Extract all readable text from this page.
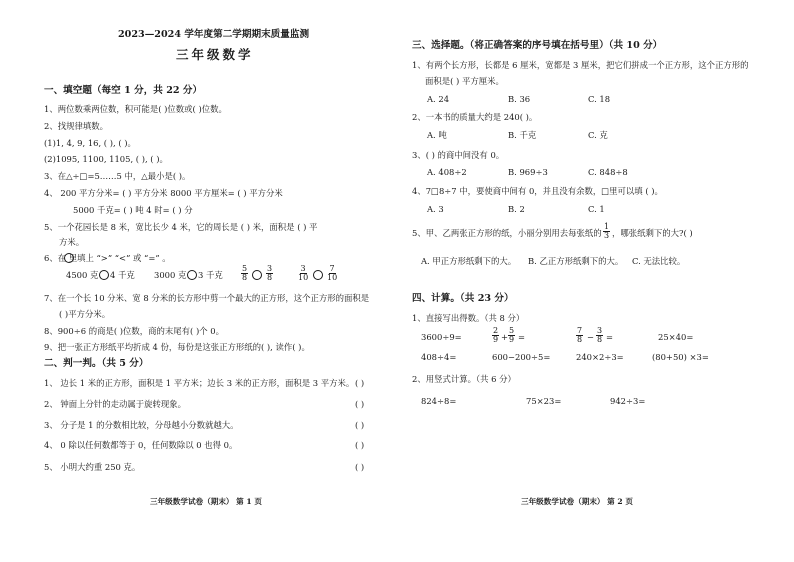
2023—2024 学年度第二学期期末质量监测
三年级数学
一、填空题（每空 1 分，共 22 分）
1、两位数乘两位数，积可能是( )位数或( )位数。
2、找规律填数。
(1)1, 4, 9, 16, ( ), ( )。
(2)1095, 1100, 1105, ( ), ( )。
3、在△÷□=5……5 中，△最小是( )。
4、 200 平方分米= ( ) 平方分米 8000 平方厘米= ( ) 平方分米
5000 千克= ( ) 吨 4 时= ( ) 分
5、一个花园长是 8 米，宽比长少 4 米，它的周长是 ( ) 米，面积是 ( ) 平
方米。
6、在 里填上 “>” “<” 或 “=” 。
4500 克 4 千克 3000 克 3 千克 $\frac{5}{8} \frac{3}{8}$	$\frac{3}{10} \frac{7}{10}$
7、在一个长 10 分米、宽 8 分米的长方形中剪一个最大的正方形，这个正方形的面积是
( )平方分米。
8、900÷6 的商是( )位数，商的末尾有( )个 0。
9、把一张正方形纸平均折成 4 份，每份是这张正方形纸的( ), 读作( )。
二、判一判。（共 5 分）
1、 边长 1 米的正方形，面积是 1 平方米；边长 3 米的正方形，面积是 3 平方米。 ( )
2、 钟面上分针的走动属于旋转现象。	( )
3、 分子是 1 的分数相比较，分母越小分数就越大。	( )
4、 0 除以任何数都等于 0，任何数除以 0 也得 0。	( )
5、 小明大约重 250 克。	( )
三年级数学试卷（期末） 第 1 页
三、选择题。（将正确答案的序号填在括号里）（共 10 分）
1、有两个长方形，长都是 6 厘米，宽都是 3 厘米，把它们拼成一个正方形，这个正方形的
面积是( ) 平方厘米。
A. 24	B. 36	C. 18
2、一本书的质量大约是 240( )。
A. 吨	B. 千克	C. 克
3、( ) 的商中间没有 0。
A. 408÷2	B. 969÷3	C. 848÷8
4、7□8÷7 中，要使商中间有 0，并且没有余数，□里可以填 ( )。
A. 3	B. 2	C. 1
5、甲、乙两张正方形的纸，小丽分别用去每张纸的 $\frac{1}{3}$ ，哪张纸剩下的大?( )
A. 甲正方形纸剩下的大。 B. 乙正方形纸剩下的大。 C. 无法比较。
四、计算。（共 23 分）
1、直接写出得数。（共 8 分）
3600÷9=	$\frac{2}{9} + \frac{5}{9}$ =	$\frac{7}{8} - \frac{3}{8}$ =	25×40=
408÷4=	600−200÷5=	240×2÷3=	(80+50) ×3=
2、用竖式计算。（共 6 分）
824÷8=	75×23=	942÷3=
三年级数学试卷（期末） 第 2 页
